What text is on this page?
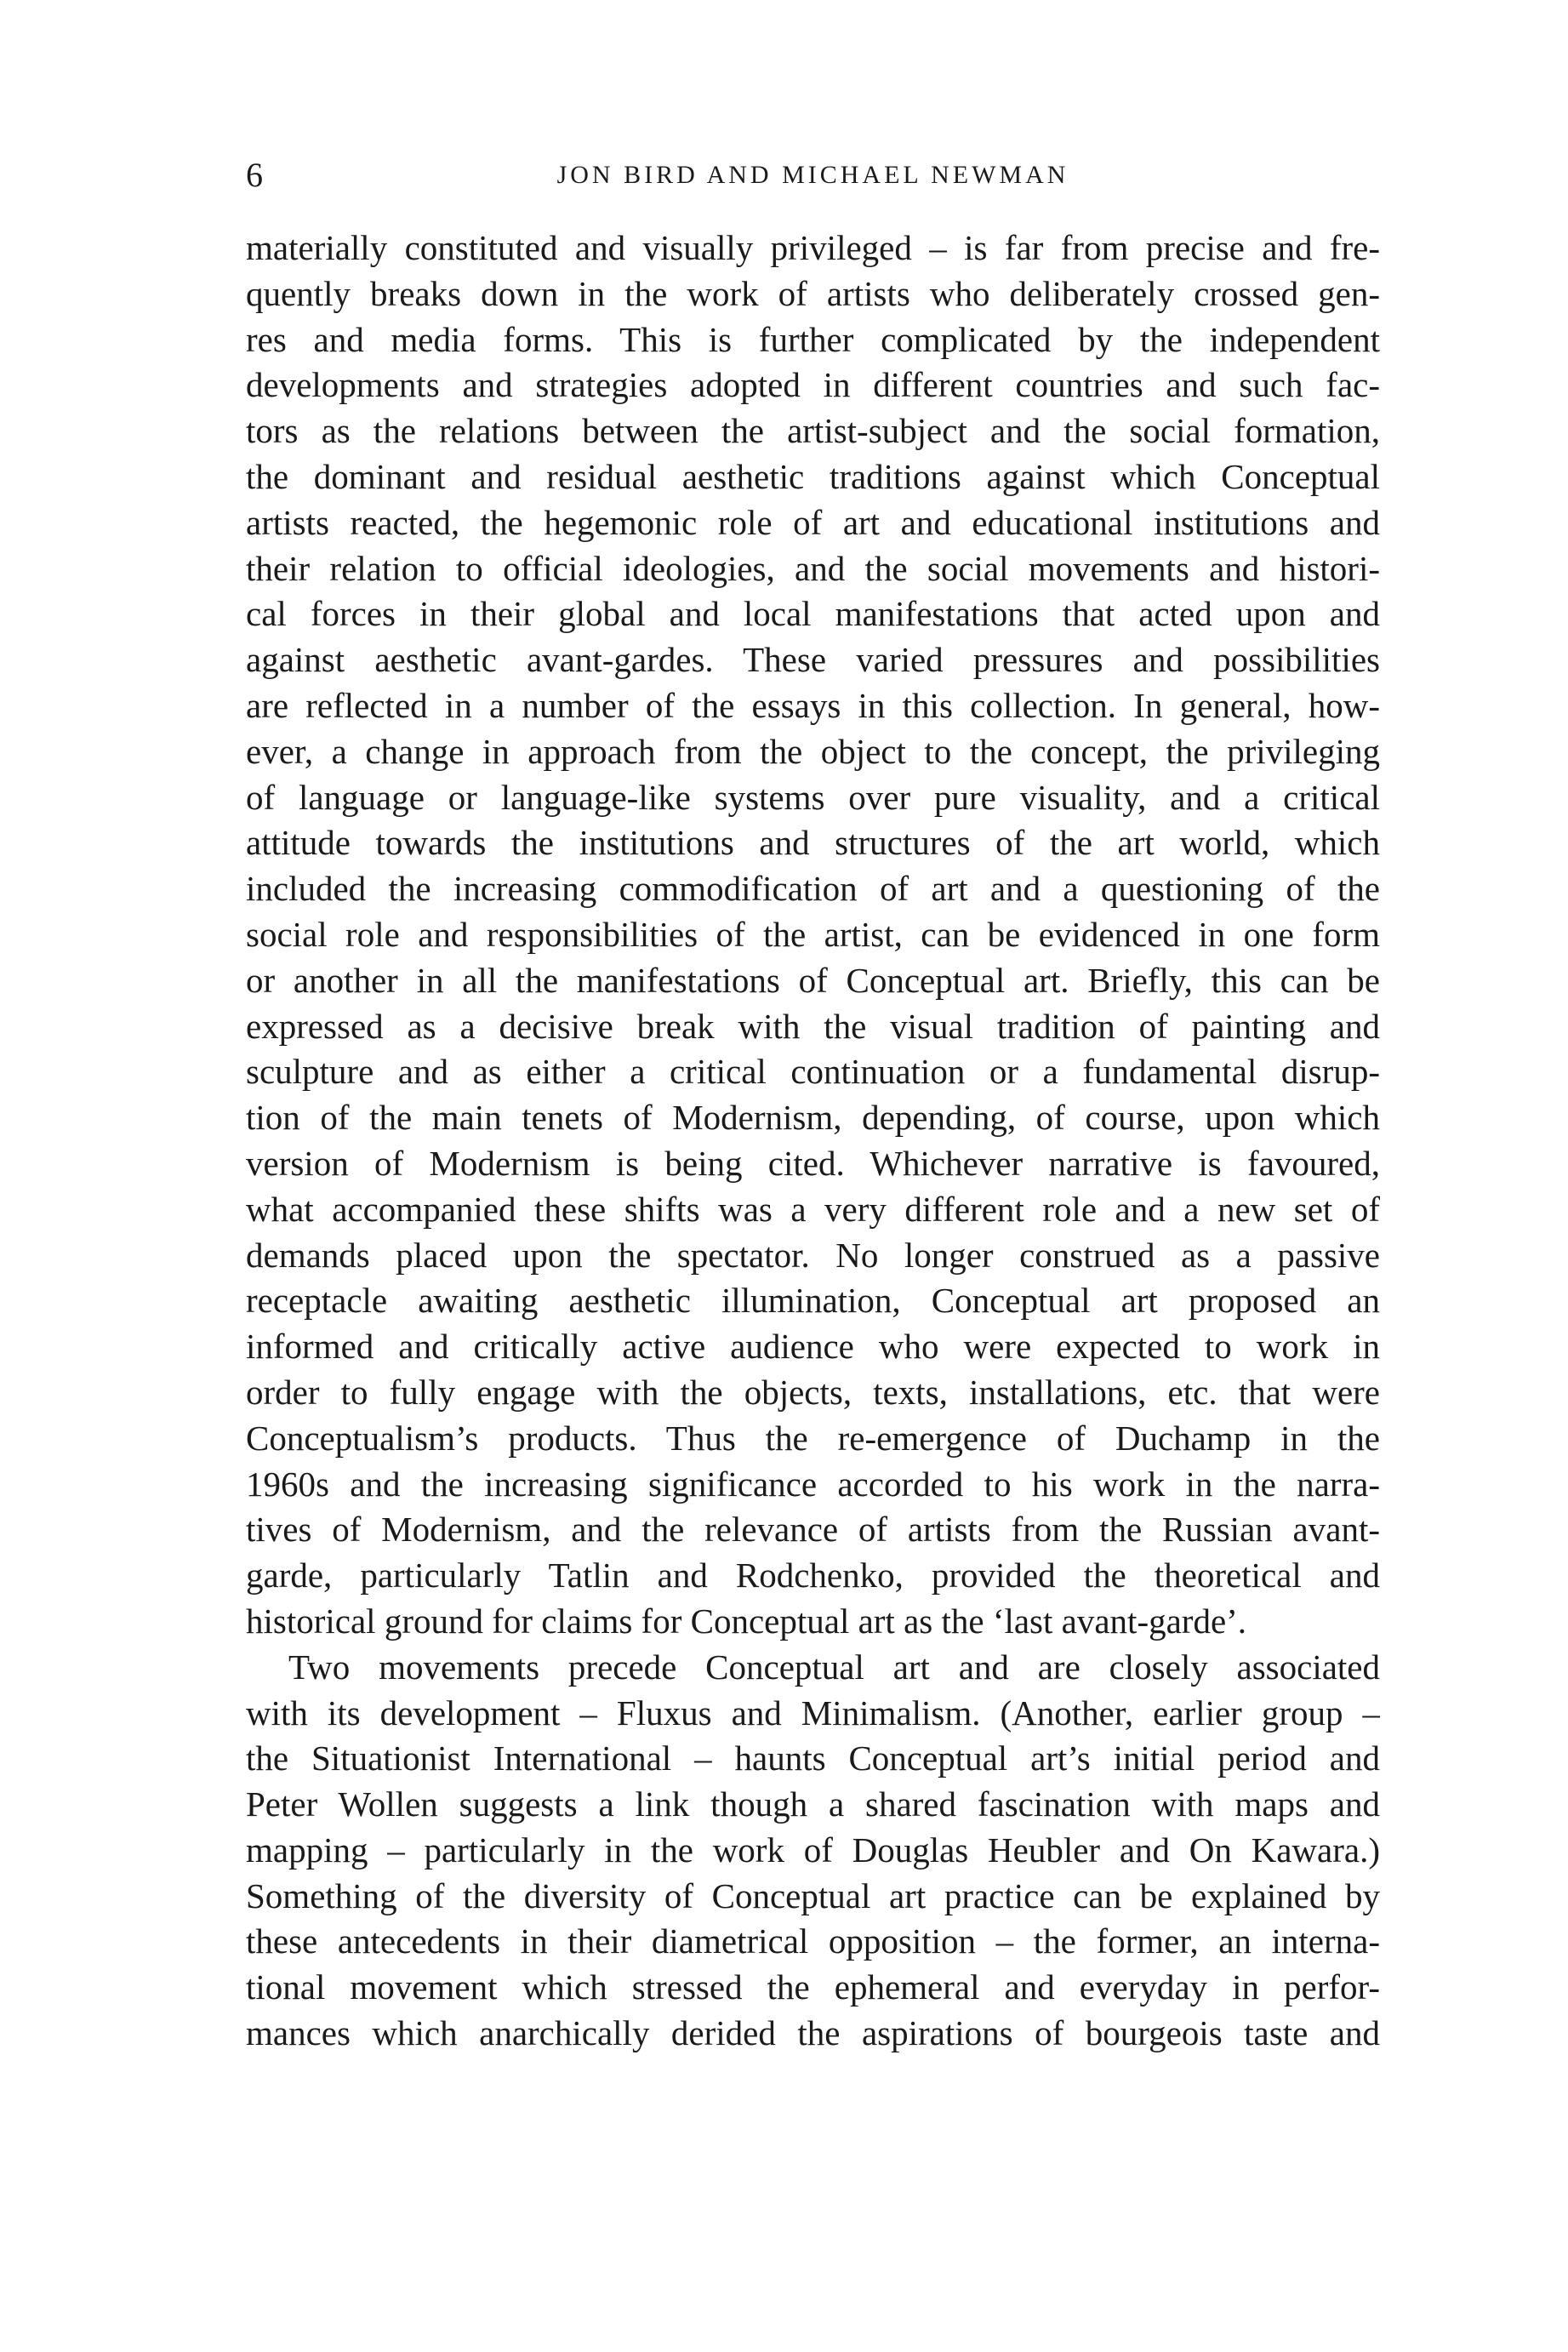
6	JON BIRD AND MICHAEL NEWMAN
materially constituted and visually privileged – is far from precise and fre-
quently breaks down in the work of artists who deliberately crossed gen-
res and media forms. This is further complicated by the independent
developments and strategies adopted in different countries and such fac-
tors as the relations between the artist-subject and the social formation,
the dominant and residual aesthetic traditions against which Conceptual
artists reacted, the hegemonic role of art and educational institutions and
their relation to official ideologies, and the social movements and histori-
cal forces in their global and local manifestations that acted upon and
against aesthetic avant-gardes. These varied pressures and possibilities
are reflected in a number of the essays in this collection. In general, how-
ever, a change in approach from the object to the concept, the privileging
of language or language-like systems over pure visuality, and a critical
attitude towards the institutions and structures of the art world, which
included the increasing commodification of art and a questioning of the
social role and responsibilities of the artist, can be evidenced in one form
or another in all the manifestations of Conceptual art. Briefly, this can be
expressed as a decisive break with the visual tradition of painting and
sculpture and as either a critical continuation or a fundamental disrup-
tion of the main tenets of Modernism, depending, of course, upon which
version of Modernism is being cited. Whichever narrative is favoured,
what accompanied these shifts was a very different role and a new set of
demands placed upon the spectator. No longer construed as a passive
receptacle awaiting aesthetic illumination, Conceptual art proposed an
informed and critically active audience who were expected to work in
order to fully engage with the objects, texts, installations, etc. that were
Conceptualism’s products. Thus the re-emergence of Duchamp in the
1960s and the increasing significance accorded to his work in the narra-
tives of Modernism, and the relevance of artists from the Russian avant-
garde, particularly Tatlin and Rodchenko, provided the theoretical and
historical ground for claims for Conceptual art as the ‘last avant-garde’.
Two movements precede Conceptual art and are closely associated
with its development – Fluxus and Minimalism. (Another, earlier group –
the Situationist International – haunts Conceptual art’s initial period and
Peter Wollen suggests a link though a shared fascination with maps and
mapping – particularly in the work of Douglas Heubler and On Kawara.)
Something of the diversity of Conceptual art practice can be explained by
these antecedents in their diametrical opposition – the former, an interna-
tional movement which stressed the ephemeral and everyday in perfor-
mances which anarchically derided the aspirations of bourgeois taste and
